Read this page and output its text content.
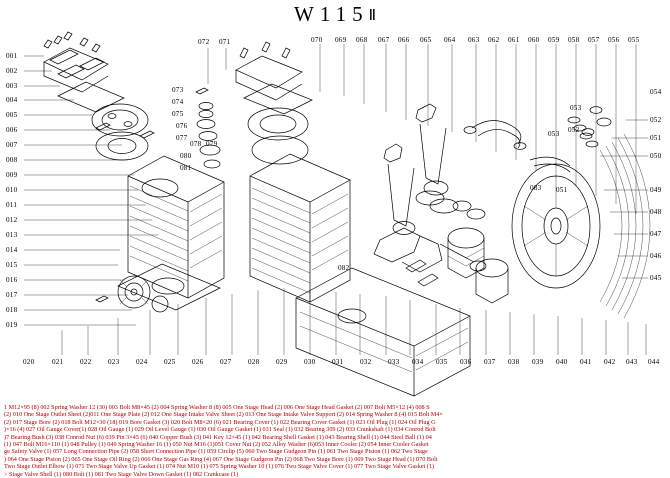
W115Ⅱ
001
002
003
004
005
006
007
008
009
010
011
012
013
014
015
016
017
018
019
072 071	070 069 068 067 066 065 064 063 062 061 060 059 058 057 056 055
073
074
075
076
077
078 079
080
081
082
083
054
053
052
051
050
049
048
047
046
045
053 052
051
020 021 022 023 024 025 026 027 028 029 030 031 032 033 034 035 036 037 038 039 040 041 042 043 044
1 M12×95 (8) 002 Spring Washer 12 (30) 003 Bolt M8×45 (2) 004 Spring Washer 8 (8) 005 One Stage Head (2) 006 One Stage Head Gasket (2) 007 Bolt M5×12 (4) 008 S
(2) 010 One Stage Outlet Sheet (2)011 One Stage Plate (2) 012 One Stage Intake Valve Sheet (2) 013 One Stage Intake Valve Support (2) 014 Spring Washer 8 (4) 015 Bolt M4×
(2) 017 Stage Bore (2) 018 Bolt M12×30 (18) 019 Bore Gasket (3) 020 Bolt M8×20 (6) 021 Bearing Cover (1) 022 Bearing Cover Gasket (1) 023 Oil Plug (1) 024 Oil Plug G
)×16 (4) 027 Oil Gauge Cover(1) 028 Oil Gauge (1) 029 Oil Level Gauge (1) 030 Oil Gauge Gasket (1) 031 Seal (1) 032 Bearing 309 (2) 033 Crankshaft (1) 034 Conrod Bolt
)7 Bearing Bush (3) 038 Conrod Nut (6) 039 Pin 3×45 (6) 040 Copper Bush (3) 041 Key 12×45 (1) 042 Bearing Shell Gasket (1) 043 Bearing Shell (1) 044 Steel Ball (1) 04
(1) 047 Bolt M16×110 (1) 048 Pulley (1) 049 Spring Washer 16 (1) 050 Nut M16 (1)051 Cover Nut (2) 052 Alloy Washer (6)053 Inner Cooler (2) 054 Inner Cooler Gasket
ge Safety Valve (1) 057 Long Connection Pipe (2) 058 Short Connection Pipe (1) 059 Circlip (5) 060 Two Stage Gudgeon Pin (1) 061 Two Stage Piston (1) 062 Two Stage
) 064 One Stage Piston (2) 065 One Stage Oil Ring (2) 066 One Stage Gas Ring (4) 067 One Stage Gudgeon Pin (2) 068 Two Stage Bore (1) 069 Two Stage Head (1) 070 Bolt
Two Stage Outlet Elbow (1) 071 Two Stage Valve Up Gasket (1) 074 Nut M10 (1) 075 Spring Washer 10 (1) 076 Two Stage Valve Cover (1) 077 Two Stage Valve Gasket (1)
> Stage Valve Shell (1) 080 Bolt (1) 081 Two Stage Valve Down Gasket (1) 082 Crankcase (1)
